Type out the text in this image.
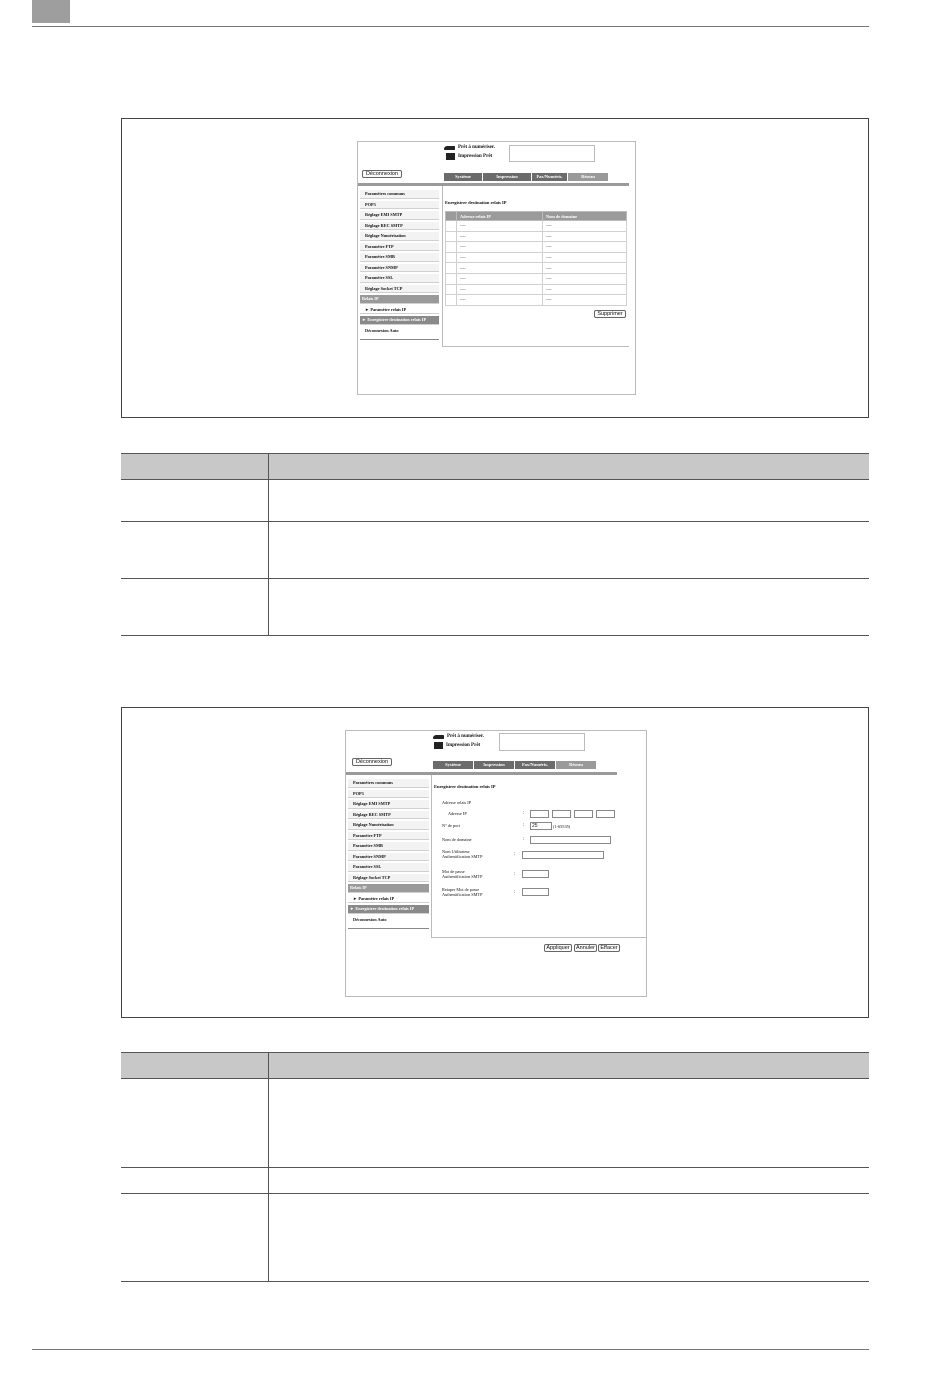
Prêt à numériser.
Impression Prêt
Déconnexion	Système	Impression	Fax/Numéris.	Réseau
Paramètres communs
POP3
Réglage EMI SMTP
Réglage REC SMTP
Réglage Numérisation
Paramètre FTP
Paramètre SMB
Paramètre SNMP
Paramètre SSL
Réglage Socket TCP
Relais IP
► Paramètre relais IP
► Enregistrer destination relais IP
Déconnexion Auto
Enregistrer destination relais IP
	Adresse relais IP	Nom de domaine
	----	----
	----	----
	----	----
	----	----
	----	----
	----	----
	----	----
	----	----
Supprimer

Prêt à numériser.
Impression Prêt
Déconnexion	Système	Impression	Fax/Numéris.	Réseau
Paramètres communs
POP3
Réglage EMI SMTP
Réglage REC SMTP
Réglage Numérisation
Paramètre FTP
Paramètre SMB
Paramètre SNMP
Paramètre SSL
Réglage Socket TCP
Relais IP
► Paramètre relais IP
► Enregistrer destination relais IP
Déconnexion Auto
Enregistrer destination relais IP
Adresse relais IP
Adresse IP	:
N° de port	:	25	(1-65535)
Nom de domaine	:
Nom Utilisateur
Authentification SMTP	:
Mot de passe
Authentification SMTP	:
Retaper Mot de passe
Authentification SMTP	:
Appliquer	Annuler Effacer
